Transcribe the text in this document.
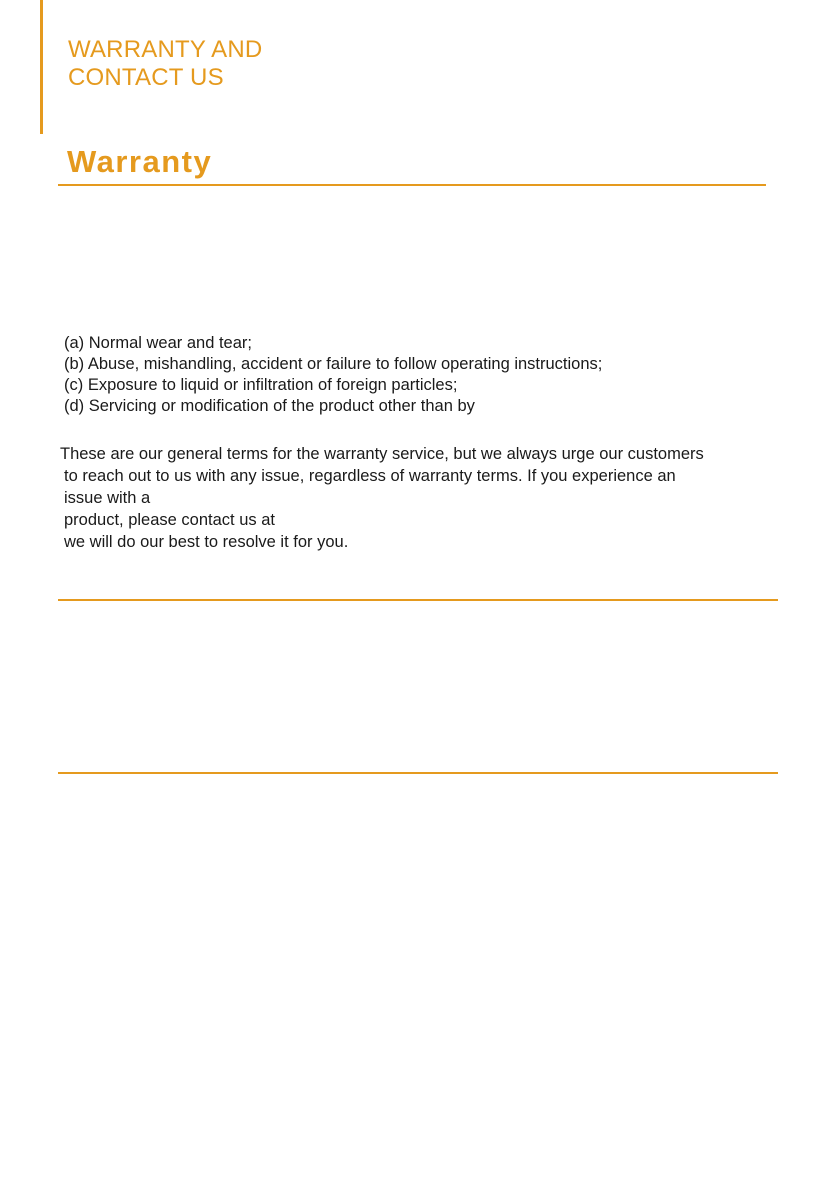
WARRANTY AND
CONTACT US
Warranty
(a) Normal wear and tear;
(b) Abuse, mishandling, accident or failure to follow operating instructions;
(c) Exposure to liquid or infiltration of foreign particles;
(d) Servicing or modification of the product other than by
These are our general terms for the warranty service, but we always urge our customers
to reach out to us with any issue, regardless of warranty terms. If you experience an
issue with a
product, please contact us at
we will do our best to resolve it for you.
